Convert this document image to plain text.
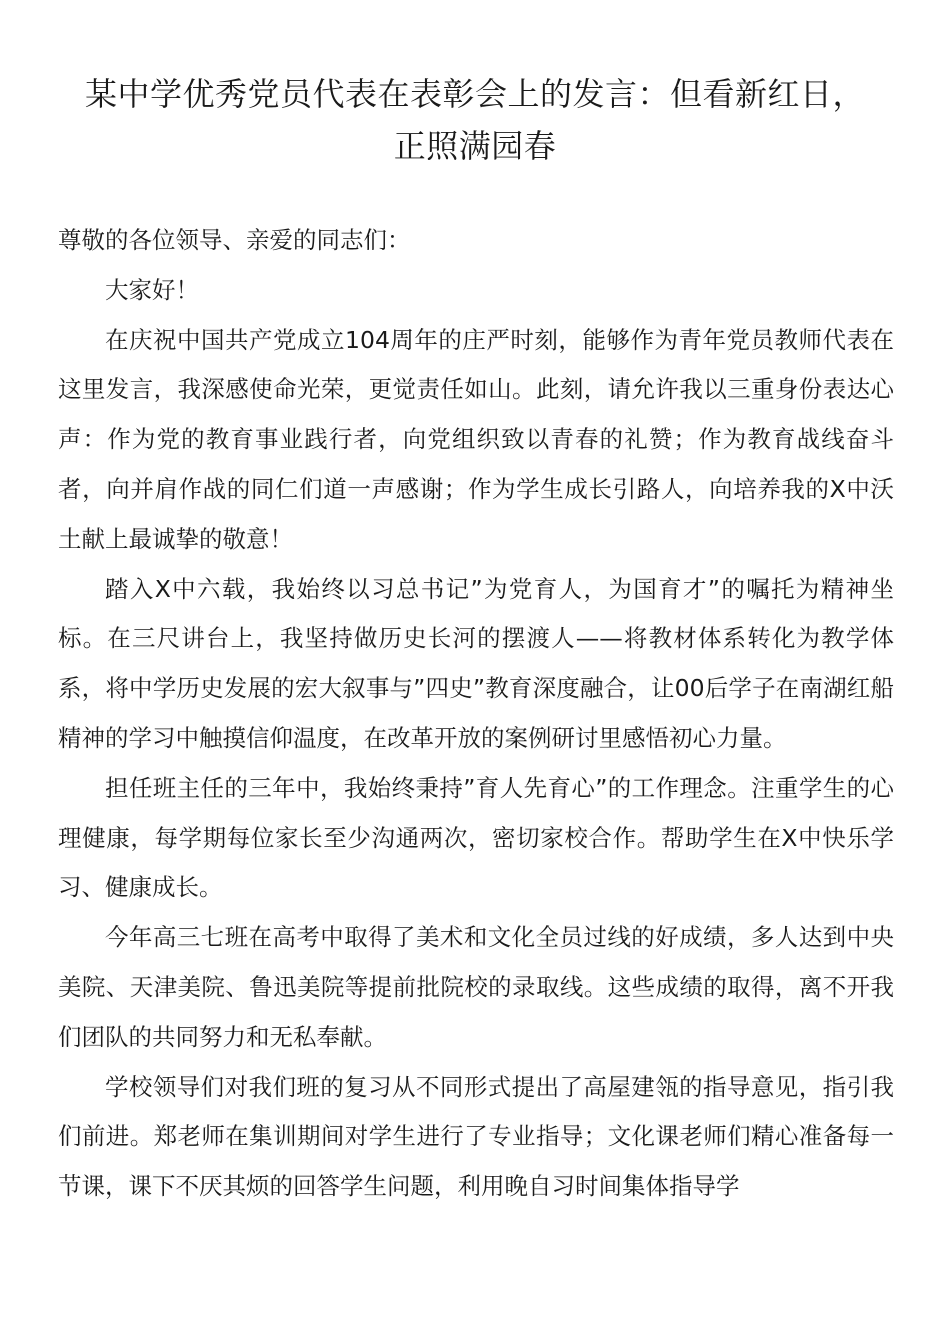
某中学优秀党员代表在表彰会上的发言：但看新红日，正照满园春

尊敬的各位领导、亲爱的同志们：

大家好！

在庆祝中国共产党成立104周年的庄严时刻，能够作为青年党员教师代表在这里发言，我深感使命光荣，更觉责任如山。此刻，请允许我以三重身份表达心声：作为党的教育事业践行者，向党组织致以青春的礼赞；作为教育战线奋斗者，向并肩作战的同仁们道一声感谢；作为学生成长引路人，向培养我的X中沃土献上最诚挚的敬意！

踏入X中六载，我始终以习总书记”为党育人，为国育才”的嘱托为精神坐标。在三尺讲台上，我坚持做历史长河的摆渡人——将教材体系转化为教学体系，将中学历史发展的宏大叙事与”四史”教育深度融合，让00后学子在南湖红船精神的学习中触摸信仰温度，在改革开放的案例研讨里感悟初心力量。

担任班主任的三年中，我始终秉持”育人先育心”的工作理念。注重学生的心理健康，每学期每位家长至少沟通两次，密切家校合作。帮助学生在X中快乐学习、健康成长。

今年高三七班在高考中取得了美术和文化全员过线的好成绩，多人达到中央美院、天津美院、鲁迅美院等提前批院校的录取线。这些成绩的取得，离不开我们团队的共同努力和无私奉献。

学校领导们对我们班的复习从不同形式提出了高屋建瓴的指导意见，指引我们前进。郑老师在集训期间对学生进行了专业指导；文化课老师们精心准备每一节课，课下不厌其烦的回答学生问题，利用晚自习时间集体指导学
